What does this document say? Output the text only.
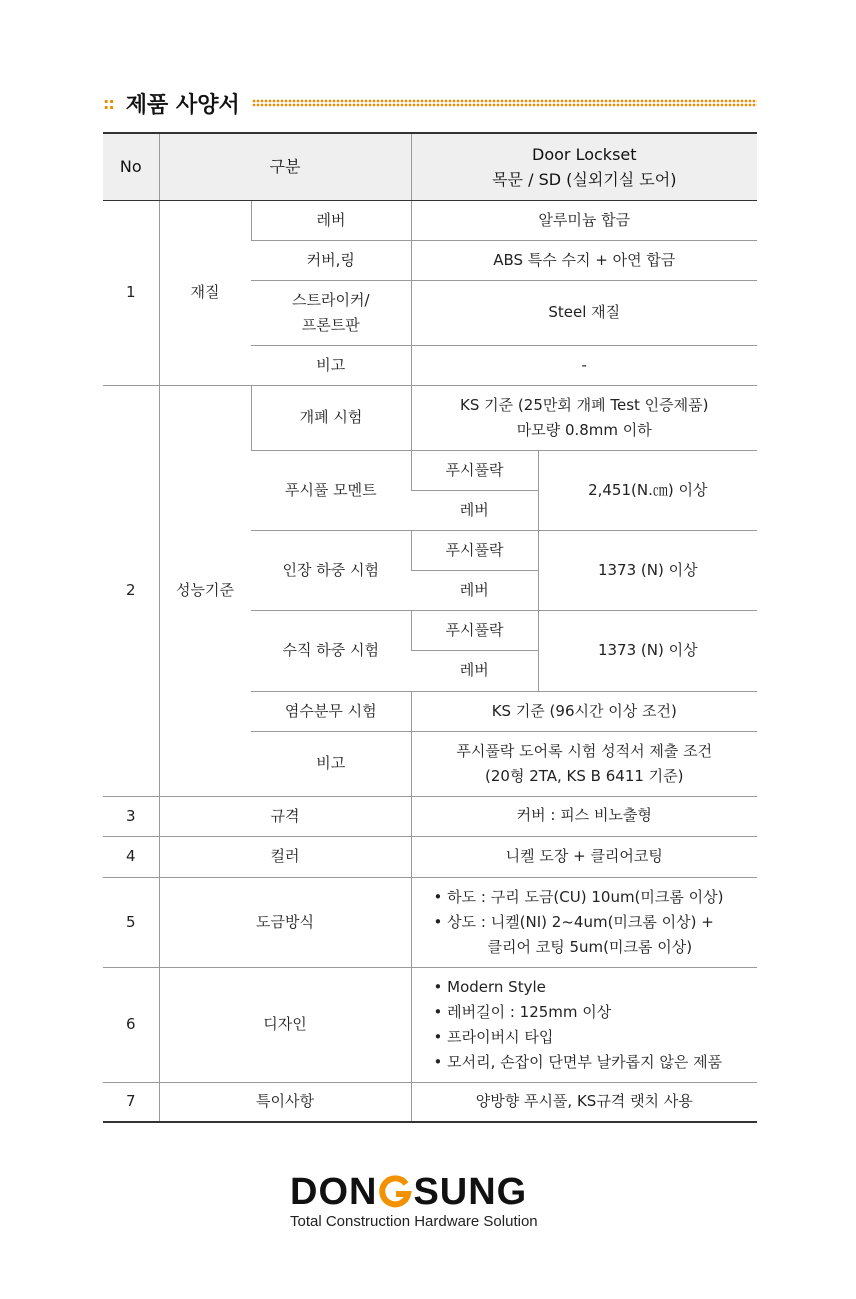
:: 제품 사양서
No	구분		Door Lockset
목문 / SD (실외기실 도어)	

1	재질	레버	알루미늄 합금	
		커버,링	ABS 특수 수지 + 아연 합금	

		스트라이커/
프론트판	Steel 재질	
		비고	-	
2	성능기준	개폐 시험	KS 기준 (25만회 개폐 Test 인증제품)
마모량 0.8mm 이하	

		푸시풀 모멘트	푸시풀락	2,451(N.㎝) 이상
			레버	
		인장 하중 시험	푸시풀락	1373 (N) 이상
			레버	
		수직 하중 시험	푸시풀락	1373 (N) 이상
			레버	
		염수분무 시험	KS 기준 (96시간 이상 조건)	
		비고	푸시풀락 도어록 시험 성적서 제출 조건
(20형 2TA, KS B 6411 기준)	

3	규격		커버 : 피스 비노출형	
4	컬러		니켈 도장 + 클리어코팅	
5	도금방식		• 하도 : 구리 도금(CU) 10um(미크롬 이상)
• 상도 : 니켈(NI) 2~4um(미크롬 이상) +
클리어 코팅 5um(미크롬 이상)	

6	디자인		• Modern Style
• 레버길이 : 125mm 이상
• 프라이버시 타입
• 모서리, 손잡이 단면부 날카롭지 않은 제품	

7	특이사항		양방향 푸시풀, KS규격 랫치 사용	
DON SUNG
Total Construction Hardware Solution
